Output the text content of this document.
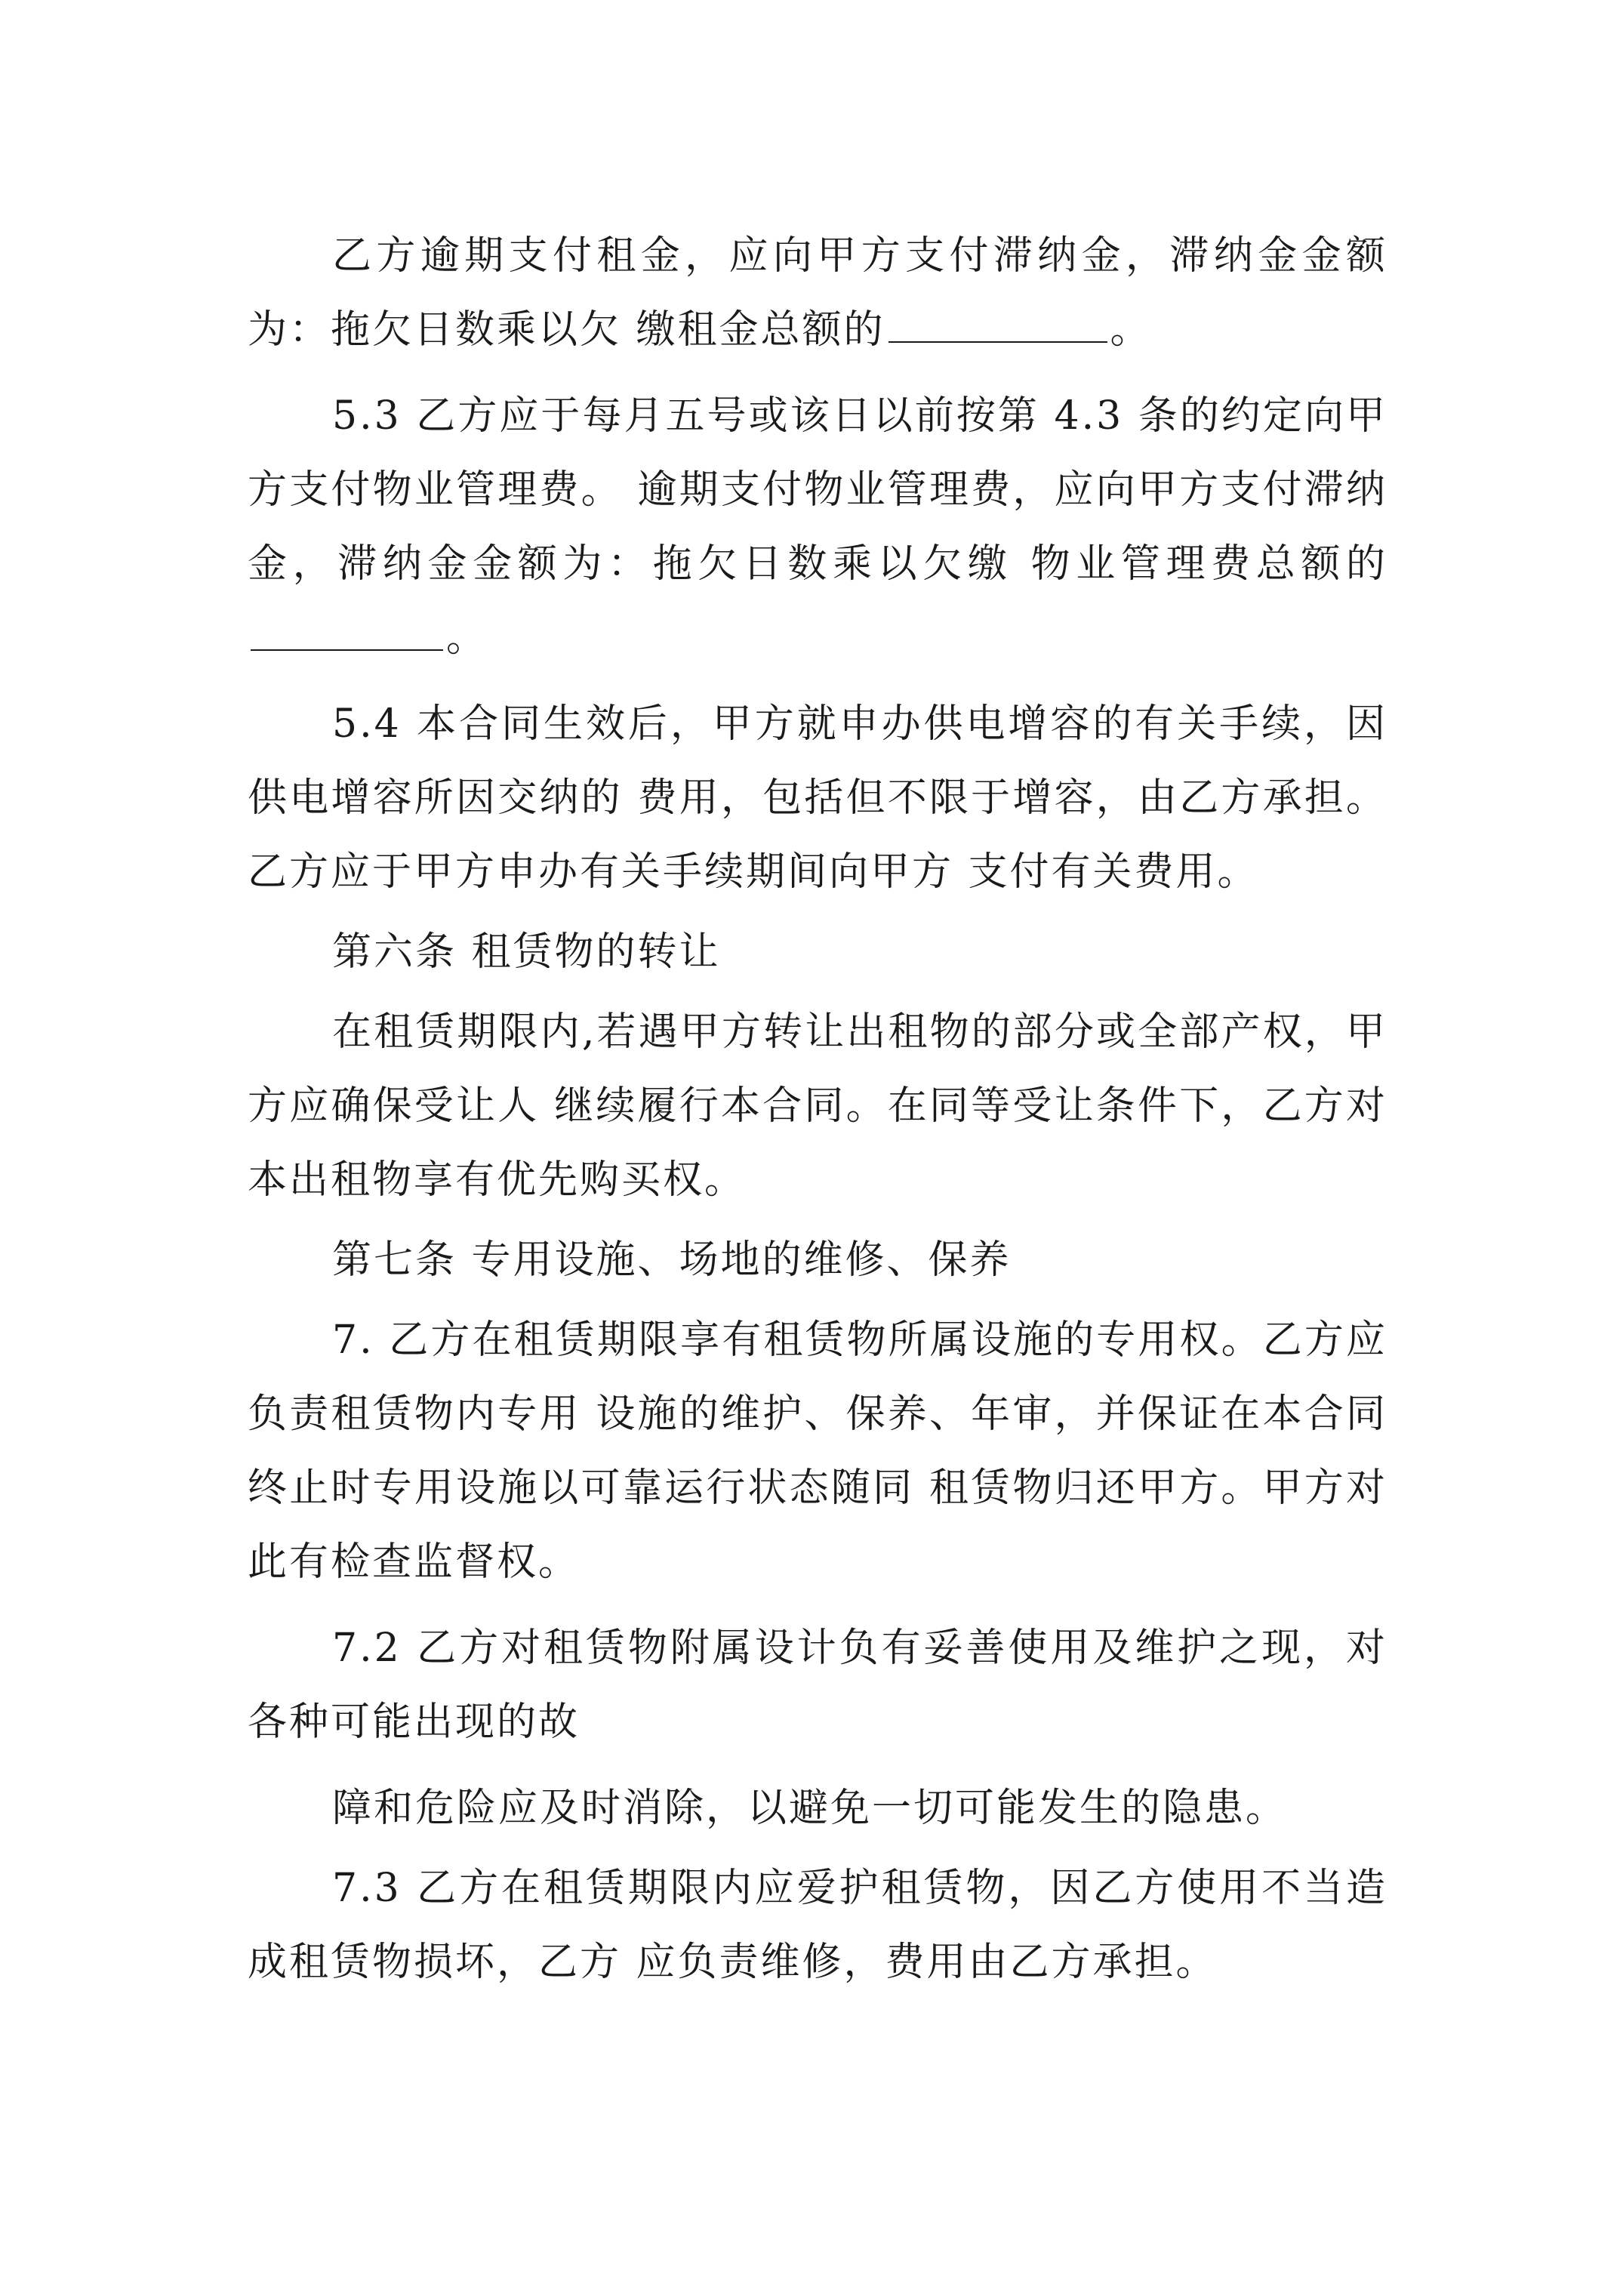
乙方逾期支付租金，应向甲方支付滞纳金，滞纳金金额为：拖欠日数乘以欠 缴租金总额的	。

5.3 乙方应于每月五号或该日以前按第 4.3 条的约定向甲方支付物业管理费。 逾期支付物业管理费，应向甲方支付滞纳金，滞纳金金额为：拖欠日数乘以欠缴 物业管理费总额的。

5.4 本合同生效后，甲方就申办供电增容的有关手续，因供电增容所因交纳的 费用，包括但不限于增容，由乙方承担。乙方应于甲方申办有关手续期间向甲方 支付有关费用。

第六条 租赁物的转让

在租赁期限内,若遇甲方转让出租物的部分或全部产权，甲方应确保受让人 继续履行本合同。在同等受让条件下，乙方对本出租物享有优先购买权。

第七条 专用设施、场地的维修、保养

7. 乙方在租赁期限享有租赁物所属设施的专用权。乙方应负责租赁物内专用 设施的维护、保养、年审，并保证在本合同终止时专用设施以可靠运行状态随同 租赁物归还甲方。甲方对此有检查监督权。

7.2 乙方对租赁物附属设计负有妥善使用及维护之现，对各种可能出现的故

障和危险应及时消除，以避免一切可能发生的隐患。

7.3 乙方在租赁期限内应爱护租赁物，因乙方使用不当造成租赁物损坏，乙方 应负责维修，费用由乙方承担。
